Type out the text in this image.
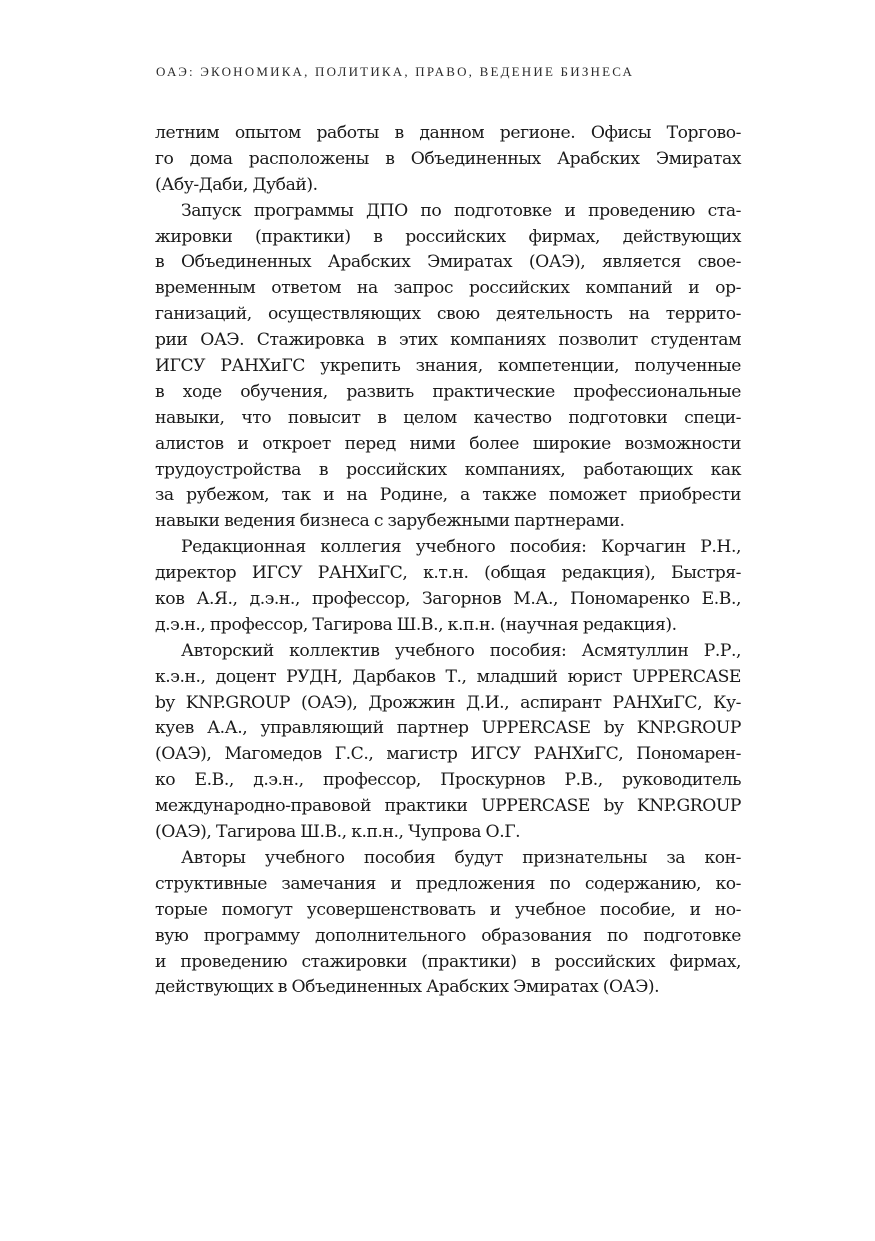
ОАЭ: ЭКОНОМИКА, ПОЛИТИКА, ПРАВО, ВЕДЕНИЕ БИЗНЕСА
летним опытом работы в данном регионе. Офисы Торгово-
го дома расположены в Объединенных Арабских Эмиратах
(Абу-Даби, Дубай).
Запуск программы ДПО по подготовке и проведению ста-
жировки (практики) в российских фирмах, действующих
в Объединенных Арабских Эмиратах (ОАЭ), является свое-
временным ответом на запрос российских компаний и ор-
ганизаций, осуществляющих свою деятельность на террито-
рии ОАЭ. Стажировка в этих компаниях позволит студентам
ИГСУ РАНХиГС укрепить знания, компетенции, полученные
в ходе обучения, развить практические профессиональные
навыки, что повысит в целом качество подготовки специ-
алистов и откроет перед ними более широкие возможности
трудоустройства в российских компаниях, работающих как
за рубежом, так и на Родине, а также поможет приобрести
навыки ведения бизнеса с зарубежными партнерами.
Редакционная коллегия учебного пособия: Корчагин Р.Н.,
директор ИГСУ РАНХиГС, к.т.н. (общая редакция), Быстря-
ков А.Я., д.э.н., профессор, Загорнов М.А., Пономаренко Е.В.,
д.э.н., профессор, Тагирова Ш.В., к.п.н. (научная редакция).
Авторский коллектив учебного пособия: Асмятуллин Р.Р.,
к.э.н., доцент РУДН, Дарбаков Т., младший юрист UPPERCASE
by KNP.GROUP (ОАЭ), Дрожжин Д.И., аспирант РАНХиГС, Ку-
куев А.А., управляющий партнер UPPERCASE by KNP.GROUP
(ОАЭ), Магомедов Г.С., магистр ИГСУ РАНХиГС, Пономарен-
ко Е.В., д.э.н., профессор, Проскурнов Р.В., руководитель
международно-правовой практики UPPERCASE by KNP.GROUP
(ОАЭ), Тагирова Ш.В., к.п.н., Чупрова О.Г.
Авторы учебного пособия будут признательны за кон-
структивные замечания и предложения по содержанию, ко-
торые помогут усовершенствовать и учебное пособие, и но-
вую программу дополнительного образования по подготовке
и проведению стажировки (практики) в российских фирмах,
действующих в Объединенных Арабских Эмиратах (ОАЭ).
